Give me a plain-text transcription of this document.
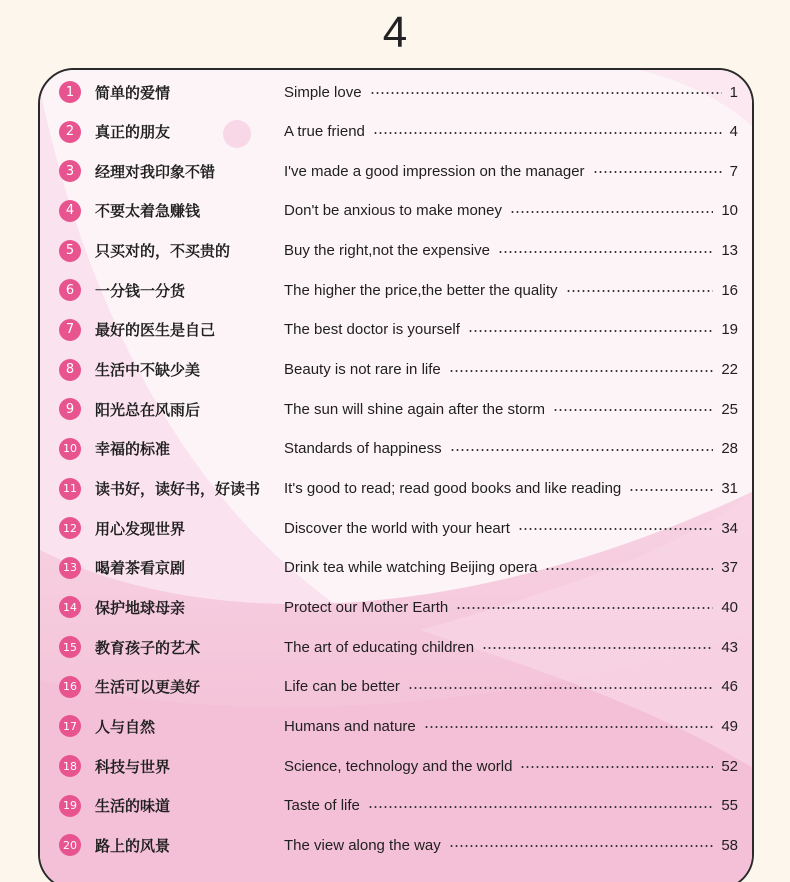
4
1	简单的爱情	Simple love	1
2	真正的朋友	A true friend	4
3	经理对我印象不错	I've made a good impression on the manager	7
4	不要太着急赚钱	Don't be anxious to make money	10
5	只买对的，不买贵的	Buy the right,not the expensive	13
6	一分钱一分货	The higher the price,the better the quality	16
7	最好的医生是自己	The best doctor is yourself	19
8	生活中不缺少美	Beauty is not rare in life	22
9	阳光总在风雨后	The sun will shine again after the storm	25
10 幸福的标准	Standards of happiness	28
11 读书好，读好书，好读书 It's good to read; read good books and like reading	31
12 用心发现世界	Discover the world with your heart	34
13 喝着茶看京剧	Drink tea while watching Beijing opera	37
14 保护地球母亲	Protect our Mother Earth	40
15 教育孩子的艺术	The art of educating children	43
16 生活可以更美好	Life can be better	46
17 人与自然	Humans and nature	49
18 科技与世界	Science, technology and the world	52
19 生活的味道	Taste of life	55
20 路上的风景	The view along the way	58
